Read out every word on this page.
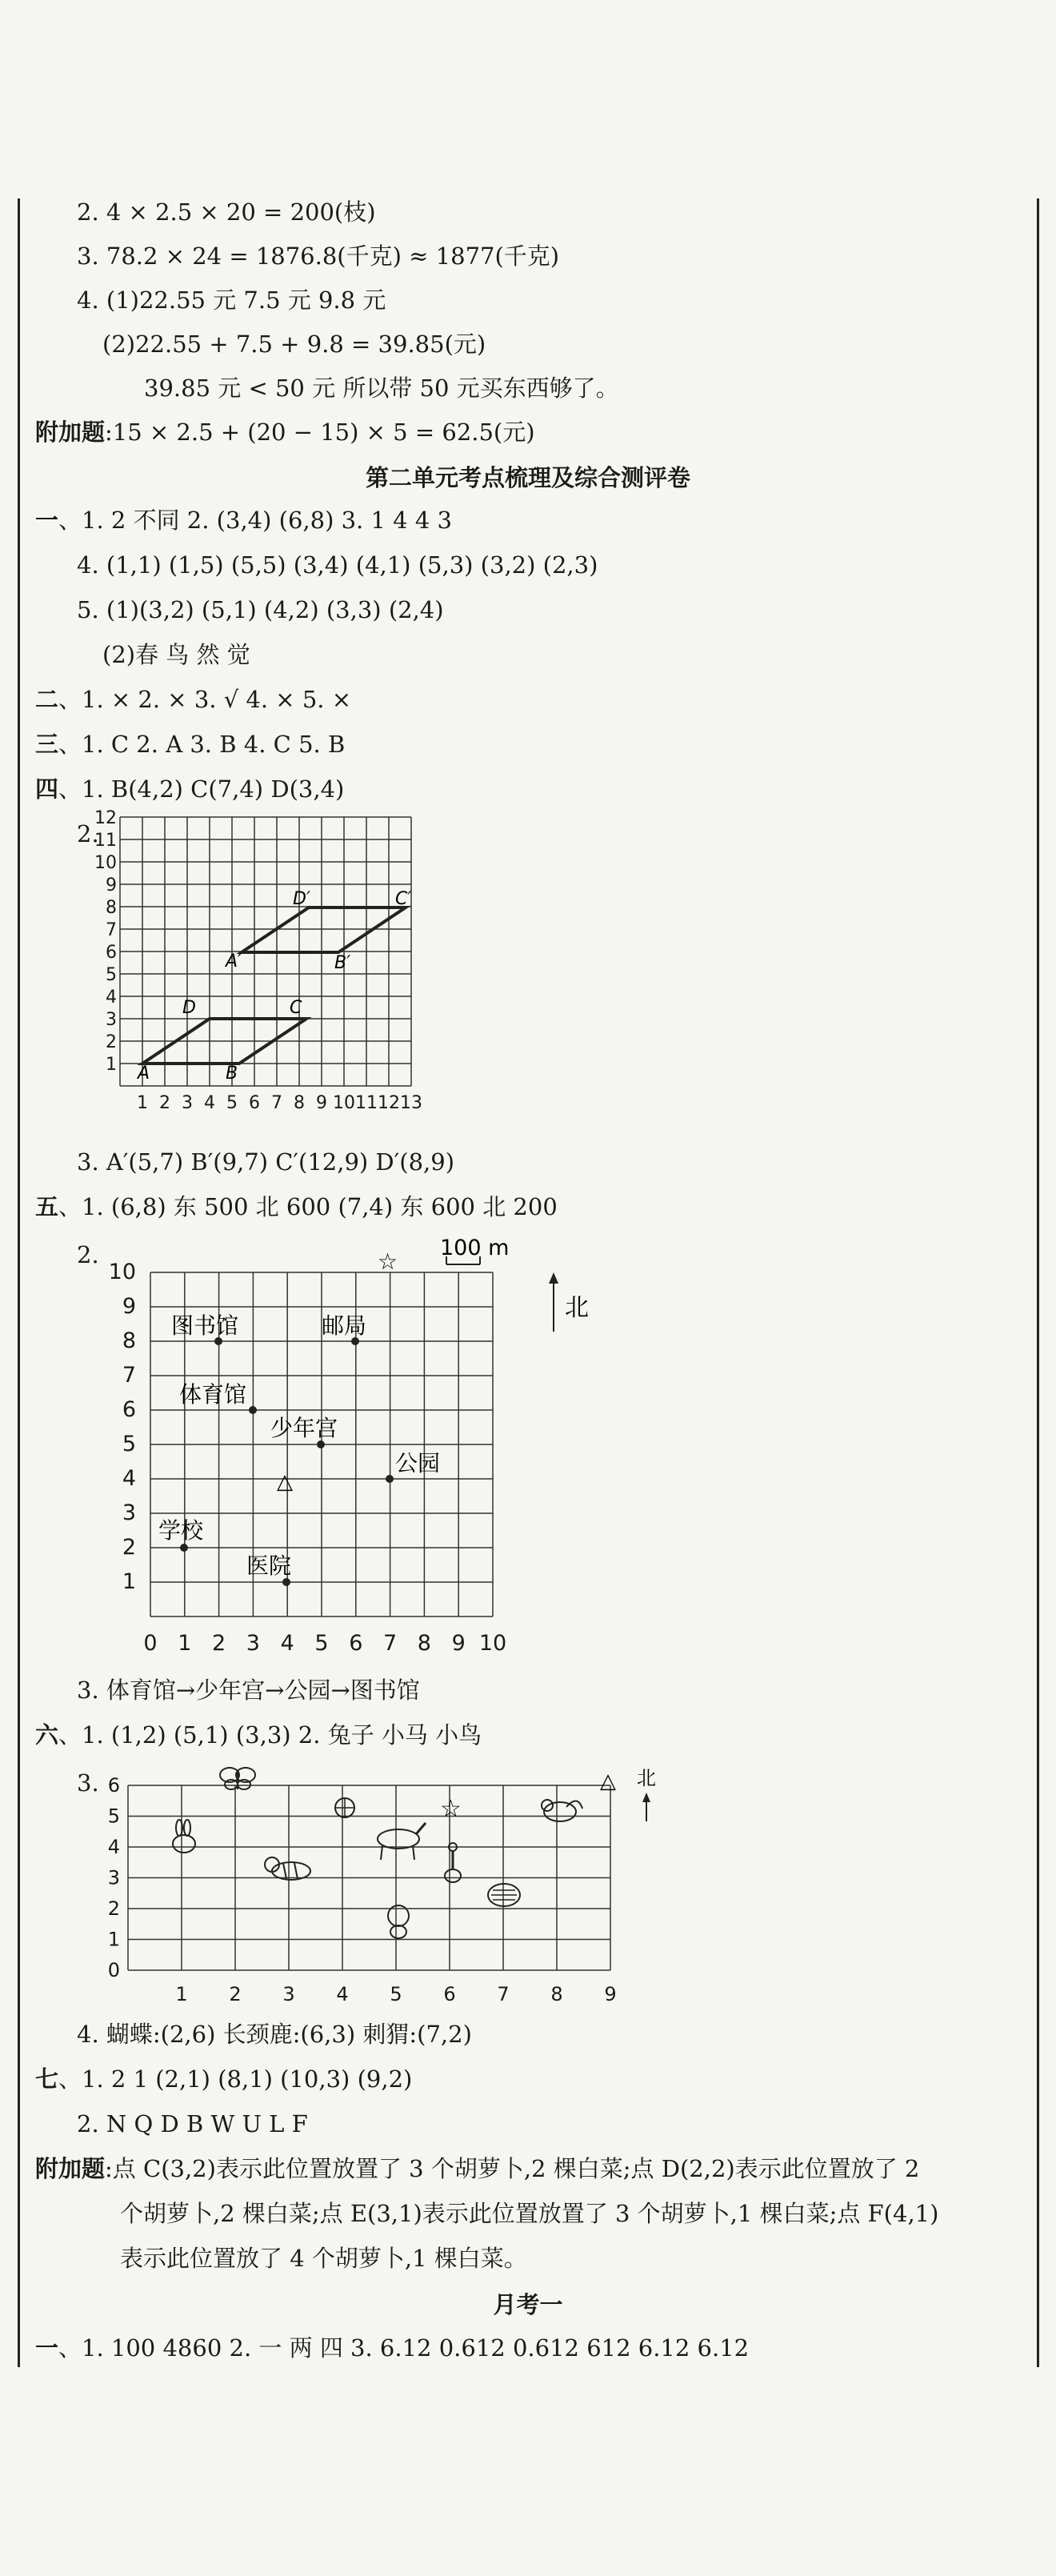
2. 4 × 2.5 × 20 = 200(枝)
3. 78.2 × 24 = 1876.8(千克) ≈ 1877(千克)
4. (1)22.55 元 7.5 元 9.8 元
(2)22.55 + 7.5 + 9.8 = 39.85(元)
39.85 元 < 50 元 所以带 50 元买东西够了。
附加题:15 × 2.5 + (20 − 15) × 5 = 62.5(元)
第二单元考点梳理及综合测评卷
一、1. 2 不同 2. (3,4) (6,8) 3. 1 4 4 3
4. (1,1) (1,5) (5,5) (3,4) (4,1) (5,3) (3,2) (2,3)
5. (1)(3,2) (5,1) (4,2) (3,3) (2,4)
(2)春 鸟 然 觉
二、1. × 2. × 3. √ 4. × 5. ×
三、1. C 2. A 3. B 4. C 5. B
四、1. B(4,2) C(7,4) D(3,4)
2.
1 2 3 4 5 6 7 8 9 10 11 12 13
1
2
3
4
5
6
7
8
9
10
11
12
A	B
C
D
A′	B′
C′
D′
3. A′(5,7) B′(9,7) C′(12,9) D′(8,9)
五、1. (6,8) 东 500 北 600 (7,4) 东 600 北 200
2.
0 1 2 3 4 5 6 7 8 9 10
1
2
3
4
5
6
7
8
9
10
100 m
北
☆
△
图书馆	邮局
体育馆
少年宫
公园
学校
医院
3. 体育馆→少年宫→公园→图书馆
六、1. (1,2) (5,1) (3,3) 2. 兔子 小马 小鸟
3.
1 2 3 4 5 6 7 8 9
0
1
2
3
4
5
6
☆
△ 北
4. 蝴蝶:(2,6) 长颈鹿:(6,3) 刺猬:(7,2)
七、1. 2 1 (2,1) (8,1) (10,3) (9,2)
2. N Q D B W U L F
附加题:点 C(3,2)表示此位置放置了 3 个胡萝卜,2 棵白菜;点 D(2,2)表示此位置放了 2
个胡萝卜,2 棵白菜;点 E(3,1)表示此位置放置了 3 个胡萝卜,1 棵白菜;点 F(4,1)
表示此位置放了 4 个胡萝卜,1 棵白菜。
月考一
一、1. 100 4860 2. 一 两 四 3. 6.12 0.612 0.612 612 6.12 6.12
